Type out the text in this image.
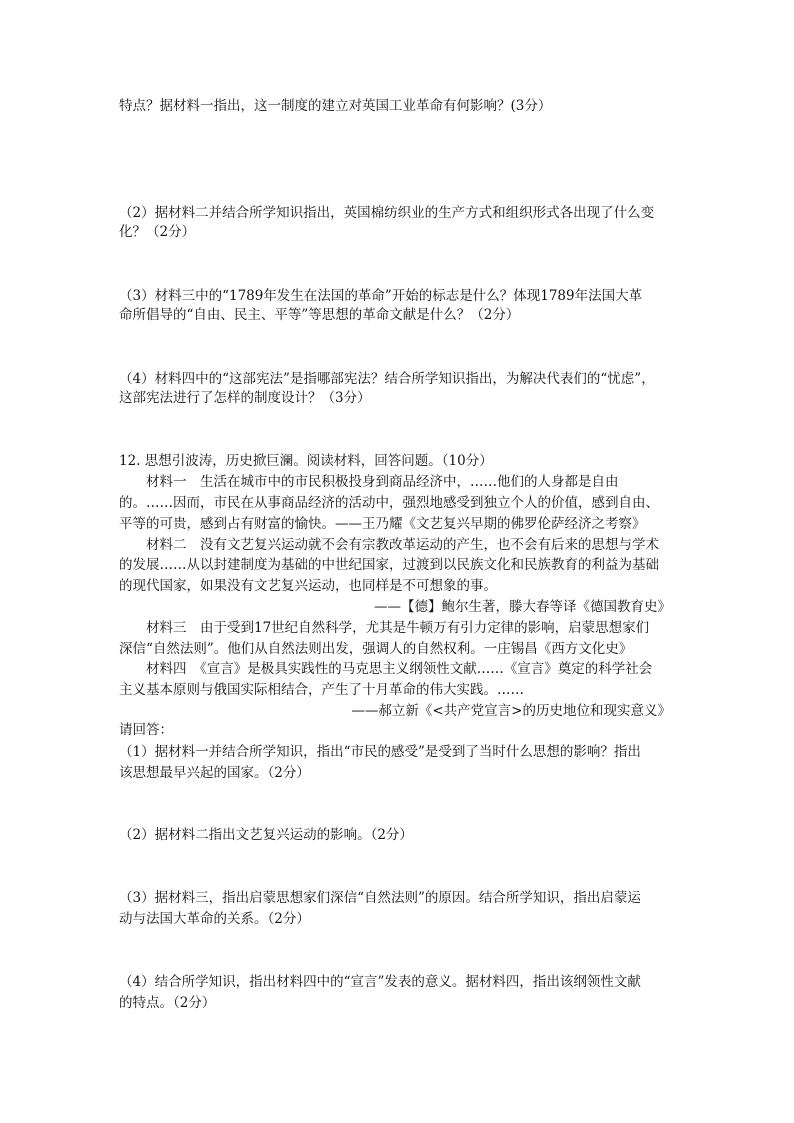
特点？据材料一指出，这一制度的建立对英国工业革命有何影响？(3分）
（2）据材料二并结合所学知识指出，英国棉纺织业的生产方式和组织形式各出现了什么变
化？（2分）
（3）材料三中的“1789年发生在法国的革命”开始的标志是什么？体现1789年法国大革
命所倡导的“自由、民主、平等”等思想的革命文献是什么？（2分）
（4）材料四中的“这部宪法”是指哪部宪法？结合所学知识指出，为解决代表们的“忧虑”，
这部宪法进行了怎样的制度设计？（3分）
12. 思想引波涛，历史掀巨澜。阅读材料，回答问题。（10分）
材料一　生活在城市中的市民积极投身到商品经济中，……他们的人身都是自由
的。……因而，市民在从事商品经济的活动中，强烈地感受到独立个人的价值，感到自由、
平等的可贵，感到占有财富的愉快。——王乃耀《文艺复兴早期的佛罗伦萨经济之考察》
材料二　没有文艺复兴运动就不会有宗教改革运动的产生，也不会有后来的思想与学术
的发展……从以封建制度为基础的中世纪国家，过渡到以民族文化和民族教育的利益为基础
的现代国家，如果没有文艺复兴运动，也同样是不可想象的事。
——【德】鲍尔生著，滕大春等译《德国教育史》
材料三　由于受到17世纪自然科学，尤其是牛顿万有引力定律的影响，启蒙思想家们
深信“自然法则”。他们从自然法则出发，强调人的自然权利。一庄锡昌《西方文化史》
材料四　《宣言》是极具实践性的马克思主义纲领性文献……《宣言》奠定的科学社会
主义基本原则与俄国实际相结合，产生了十月革命的伟大实践。……
——郝立新《<共产党宣言>的历史地位和现实意义》
请回答：
（1）据材料一并结合所学知识，指出“市民的感受”是受到了当时什么思想的影响？指出
该思想最早兴起的国家。（2分）
（2）据材料二指出文艺复兴运动的影响。（2分）
（3）据材料三，指出启蒙思想家们深信“自然法则”的原因。结合所学知识，指出启蒙运
动与法国大革命的关系。（2分）
（4）结合所学知识，指出材料四中的“宣言”发表的意义。据材料四，指出该纲领性文献
的特点。（2分）
